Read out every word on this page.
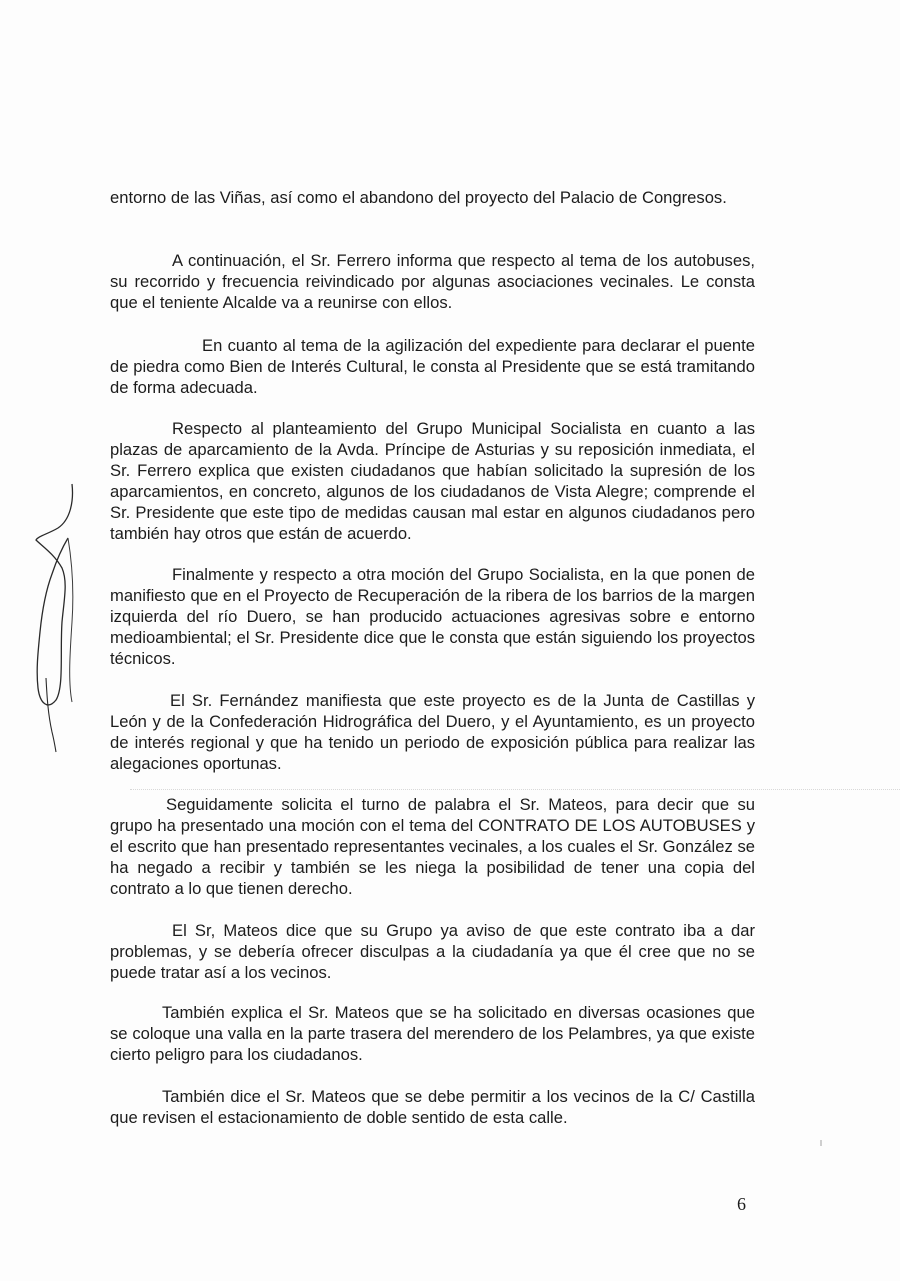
entorno de las Viñas, así como el abandono del proyecto del Palacio de Congresos.

A continuación, el Sr. Ferrero informa que respecto al tema de los autobuses, su recorrido y frecuencia reivindicado por algunas asociaciones vecinales. Le consta que el teniente Alcalde va a reunirse con ellos.

En cuanto al tema de la agilización del expediente para declarar el puente de piedra como Bien de Interés Cultural, le consta al Presidente que se está tramitando de forma adecuada.

Respecto al planteamiento del Grupo Municipal Socialista en cuanto a las plazas de aparcamiento de la Avda. Príncipe de Asturias y su reposición inmediata, el Sr. Ferrero explica que existen ciudadanos que habían solicitado la supresión de los aparcamientos, en concreto, algunos de los ciudadanos de Vista Alegre; comprende el Sr. Presidente que este tipo de medidas causan mal estar en algunos ciudadanos pero también hay otros que están de acuerdo.

Finalmente y respecto a otra moción del Grupo Socialista, en la que ponen de manifiesto que en el Proyecto de Recuperación de la ribera de los barrios de la margen izquierda del río Duero, se han producido actuaciones agresivas sobre e entorno medioambiental; el Sr. Presidente dice que le consta que están siguiendo los proyectos técnicos.

El Sr. Fernández manifiesta que este proyecto es de la Junta de Castillas y León y de la Confederación Hidrográfica del Duero, y el Ayuntamiento, es un proyecto de interés regional y que ha tenido un periodo de exposición pública para realizar las alegaciones oportunas.

Seguidamente solicita el turno de palabra el Sr. Mateos, para decir que su grupo ha presentado una moción con el tema del CONTRATO DE LOS AUTOBUSES y el escrito que han presentado representantes vecinales, a los cuales el Sr. González se ha negado a recibir y también se les niega la posibilidad de tener una copia del contrato a lo que tienen derecho.

El Sr, Mateos dice que su Grupo ya aviso de que este contrato iba a dar problemas, y se debería ofrecer disculpas a la ciudadanía ya que él cree que no se puede tratar así a los vecinos.

También explica el Sr. Mateos que se ha solicitado en diversas ocasiones que se coloque una valla en la parte trasera del merendero de los Pelambres, ya que existe cierto peligro para los ciudadanos.

También dice el Sr. Mateos que se debe permitir a los vecinos de la C/ Castilla que revisen el estacionamiento de doble sentido de esta calle.

6
